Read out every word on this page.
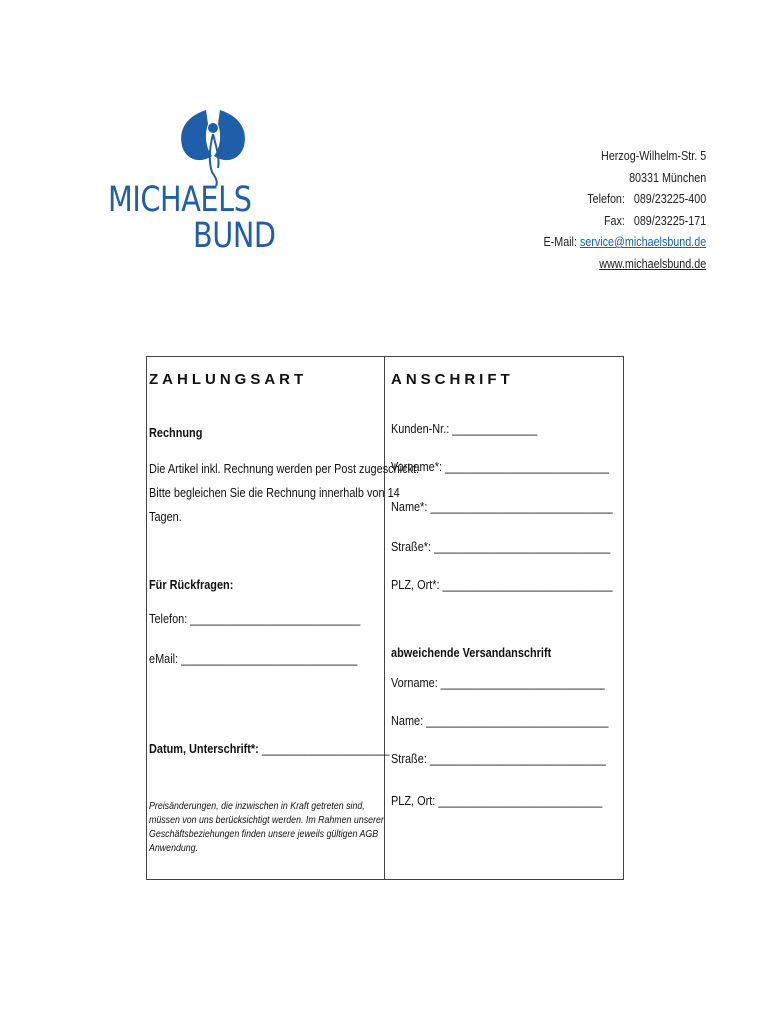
MICHAELS
BUND
Herzog-Wilhelm-Str. 5
80331 München
Telefon: 089/23225-400
Fax: 089/23225-171
E-Mail: service@michaelsbund.de
www.michaelsbund.de
ZAHLUNGSART
Rechnung
Die Artikel inkl. Rechnung werden per Post zugeschickt.
Bitte begleichen Sie die Rechnung innerhalb von 14
Tagen.
Für Rückfragen:
Telefon: ____________________________
eMail: _____________________________
Datum, Unterschrift*: _____________________
Preisänderungen, die inzwischen in Kraft getreten sind, müssen von uns berücksichtigt werden. Im Rahmen unserer Geschäftsbeziehungen finden unsere jeweils gültigen AGB Anwendung.
ANSCHRIFT
Kunden-Nr.: ______________
Vorname*: ___________________________
Name*: ______________________________
Straße*: _____________________________
PLZ, Ort*: ____________________________
abweichende Versandanschrift
Vorname: ___________________________
Name: ______________________________
Straße: _____________________________
PLZ, Ort: ___________________________
